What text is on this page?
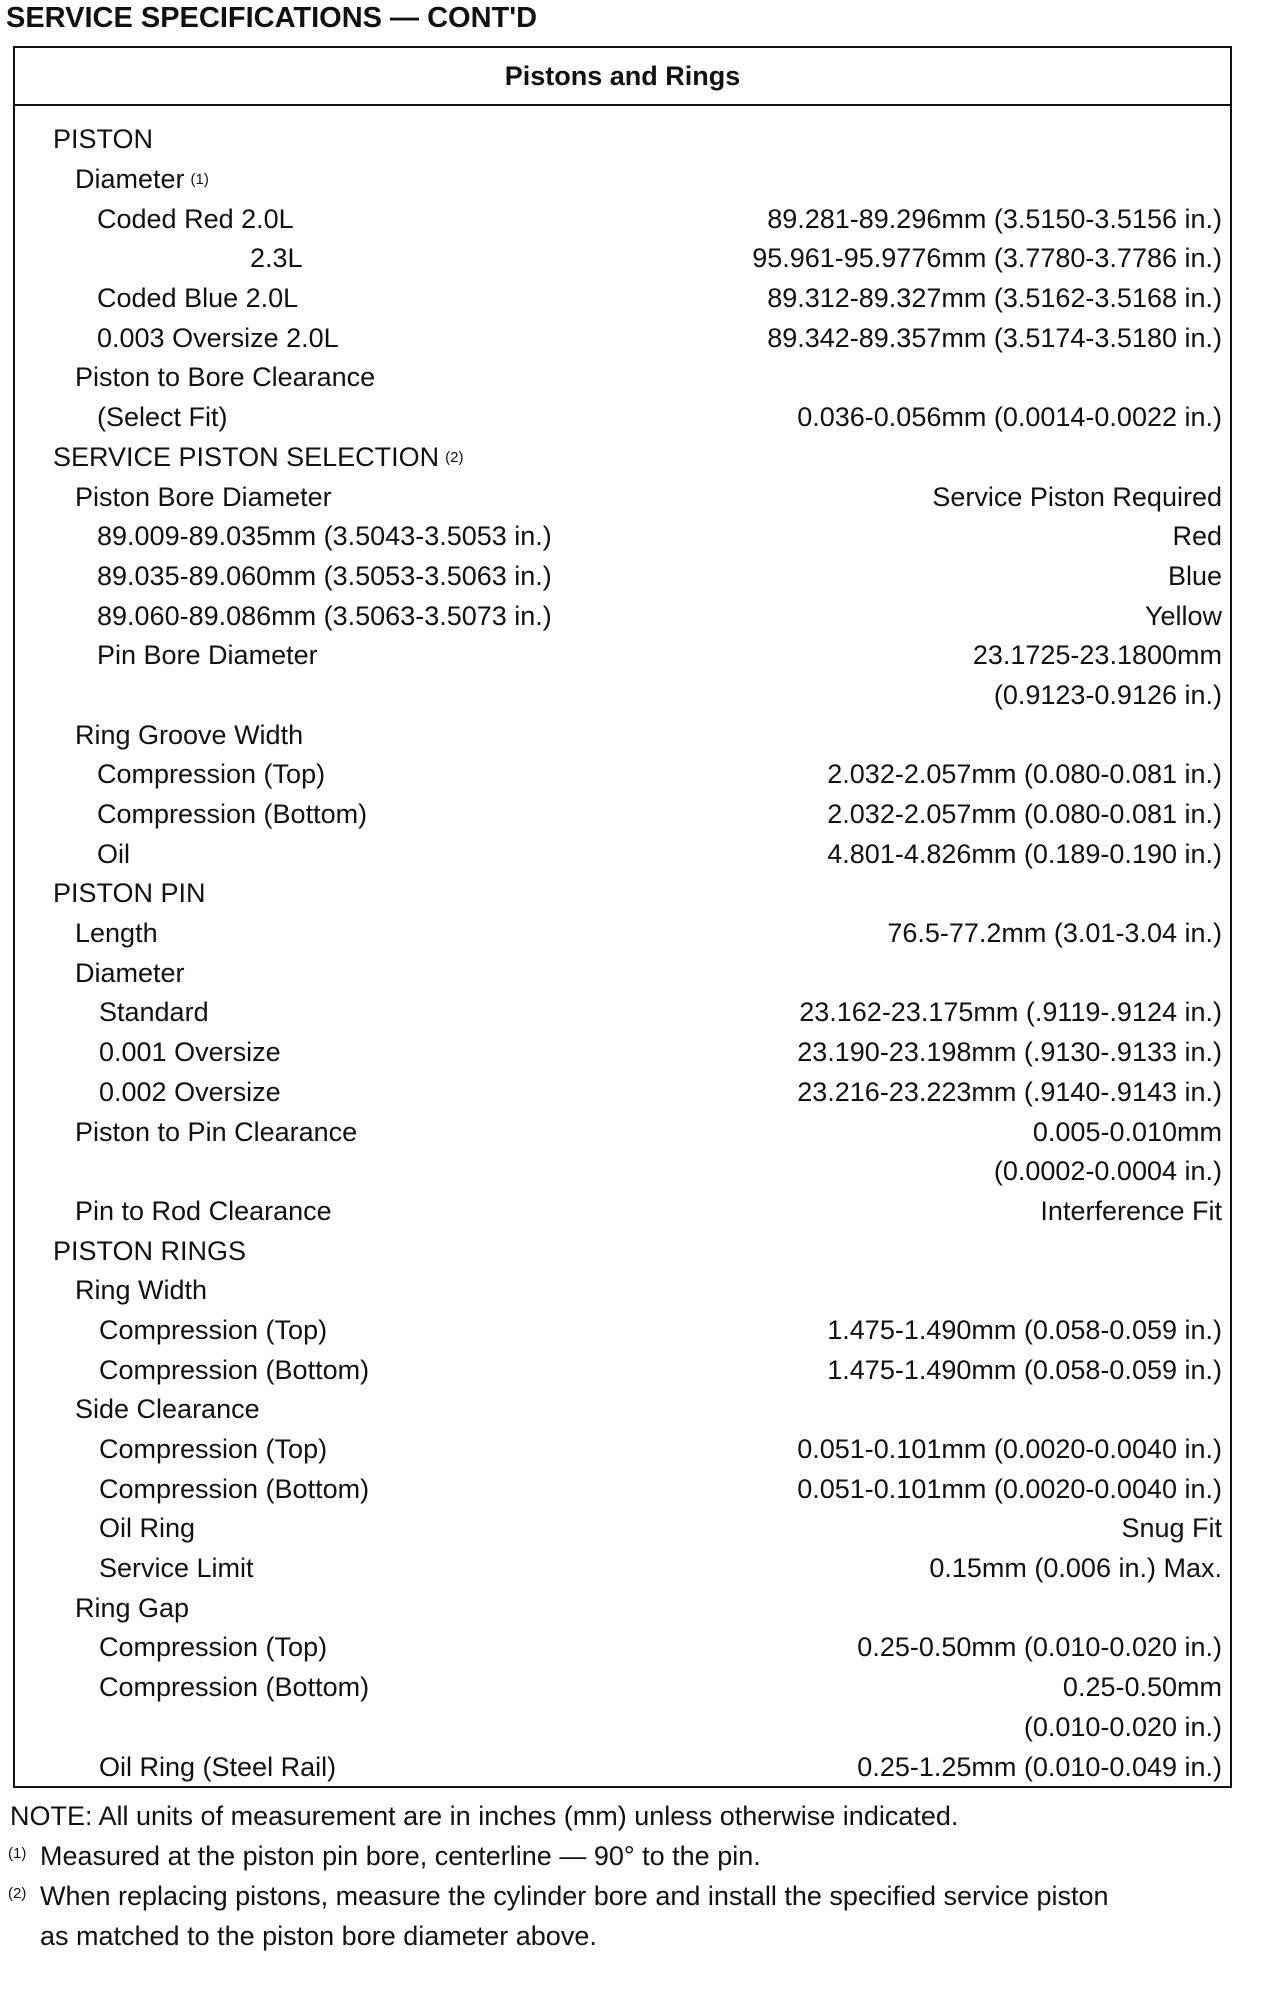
SERVICE SPECIFICATIONS — CONT'D
Pistons and Rings
PISTON
Diameter (1)
Coded Red 2.0L	89.281-89.296mm (3.5150-3.5156 in.)
2.3L	95.961-95.9776mm (3.7780-3.7786 in.)
Coded Blue 2.0L	89.312-89.327mm (3.5162-3.5168 in.)
0.003 Oversize 2.0L	89.342-89.357mm (3.5174-3.5180 in.)
Piston to Bore Clearance
(Select Fit)	0.036-0.056mm (0.0014-0.0022 in.)
SERVICE PISTON SELECTION (2)
Piston Bore Diameter	Service Piston Required
89.009-89.035mm (3.5043-3.5053 in.)	Red
89.035-89.060mm (3.5053-3.5063 in.)	Blue
89.060-89.086mm (3.5063-3.5073 in.)	Yellow
Pin Bore Diameter	23.1725-23.1800mm
(0.9123-0.9126 in.)
Ring Groove Width
Compression (Top)	2.032-2.057mm (0.080-0.081 in.)
Compression (Bottom)	2.032-2.057mm (0.080-0.081 in.)
Oil	4.801-4.826mm (0.189-0.190 in.)
PISTON PIN
Length	76.5-77.2mm (3.01-3.04 in.)
Diameter
Standard	23.162-23.175mm (.9119-.9124 in.)
0.001 Oversize	23.190-23.198mm (.9130-.9133 in.)
0.002 Oversize	23.216-23.223mm (.9140-.9143 in.)
Piston to Pin Clearance	0.005-0.010mm
(0.0002-0.0004 in.)
Pin to Rod Clearance	Interference Fit
PISTON RINGS
Ring Width
Compression (Top)	1.475-1.490mm (0.058-0.059 in.)
Compression (Bottom)	1.475-1.490mm (0.058-0.059 in.)
Side Clearance
Compression (Top)	0.051-0.101mm (0.0020-0.0040 in.)
Compression (Bottom)	0.051-0.101mm (0.0020-0.0040 in.)
Oil Ring	Snug Fit
Service Limit	0.15mm (0.006 in.) Max.
Ring Gap
Compression (Top)	0.25-0.50mm (0.010-0.020 in.)
Compression (Bottom)	0.25-0.50mm
(0.010-0.020 in.)
Oil Ring (Steel Rail)	0.25-1.25mm (0.010-0.049 in.)
NOTE: All units of measurement are in inches (mm) unless otherwise indicated.
(1) Measured at the piston pin bore, centerline — 90° to the pin.
(2) When replacing pistons, measure the cylinder bore and install the specified service piston
as matched to the piston bore diameter above.
